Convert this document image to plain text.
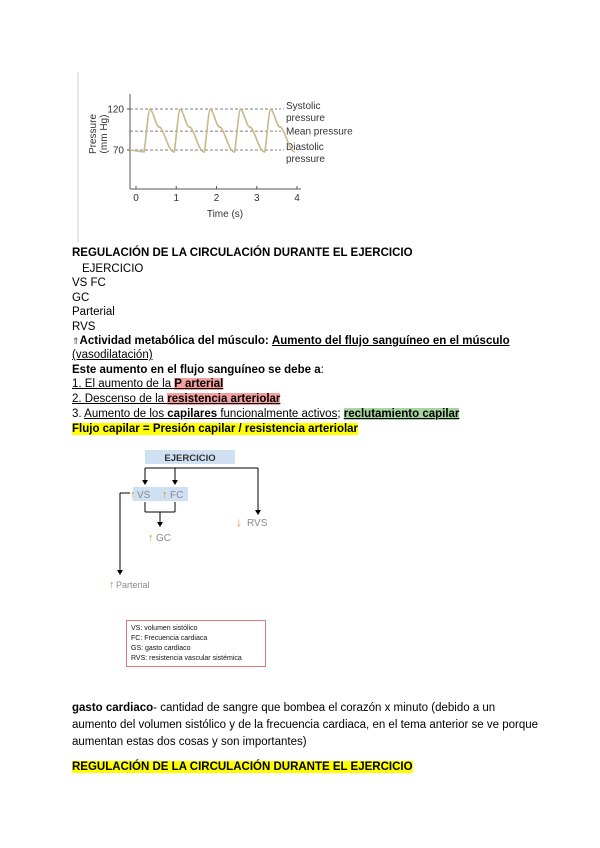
Pressure (mm Hg)
0	1	2	3	4
120
70
Systolic
pressure
Mean pressure
Diastolic
pressure
Time (s)
REGULACIÓN DE LA CIRCULACIÓN DURANTE EL EJERCICIO
EJERCICIO
VS FC
GC
Parterial
RVS
⇑Actividad metabólica del músculo: Aumento del flujo sanguíneo en el músculo
(vasodilatación)
Este aumento en el flujo sanguíneo se debe a:
1. El aumento de la P arterial
2. Descenso de la resistencia arteriolar
3. Aumento de los capilares funcionalmente activos; reclutamiento capilar
Flujo capilar = Presión capilar / resistencia arteriolar
EJERCICIO
↑ VS ↑ FC
↓ RVS
↑ GC
↑ Parterial
VS: volumen sistólico
FC: Frecuencia cardiaca
GS: gasto cardiaco
RVS: resistencia vascular sistémica
gasto cardiaco- cantidad de sangre que bombea el corazón x minuto (debido a un aumento del volumen sistólico y de la frecuencia cardiaca, en el tema anterior se ve porque aumentan estas dos cosas y son importantes)
REGULACIÓN DE LA CIRCULACIÓN DURANTE EL EJERCICIO
